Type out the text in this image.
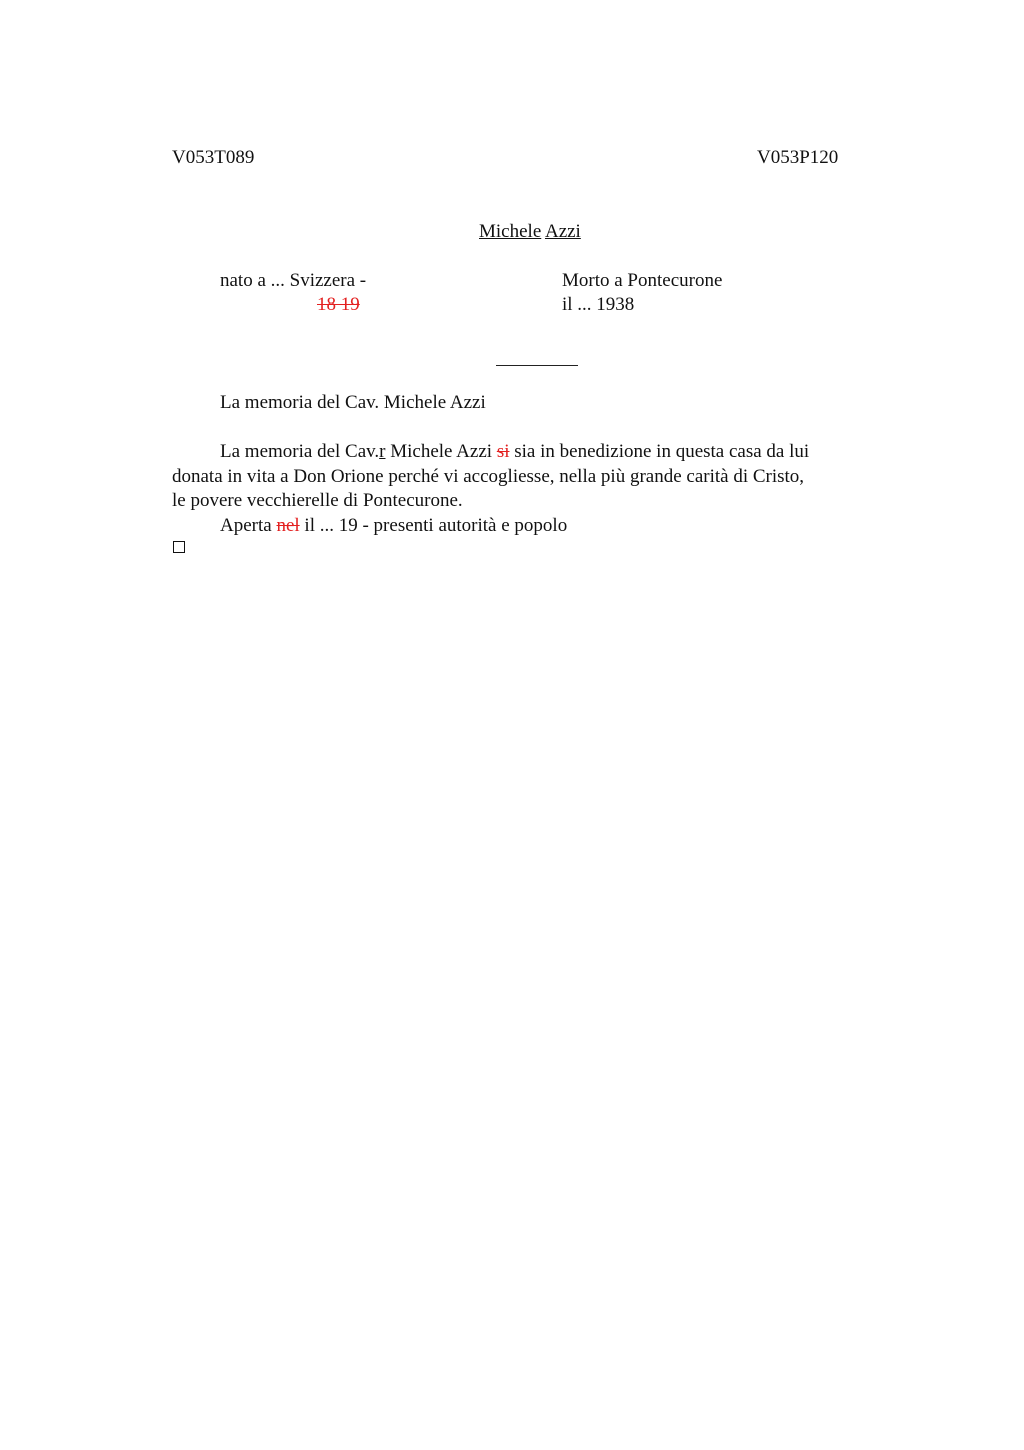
V053T089	V053P120
Michele Azzi
nato a ... Svizzera -
18 19
Morto a Pontecurone
il ... 1938
La memoria del Cav. Michele Azzi
La memoria del Cav.r Michele Azzi si sia in benedizione in questa casa da lui
donata in vita a Don Orione perché vi accogliesse, nella più grande carità di Cristo,
le povere vecchierelle di Pontecurone.
Aperta nel il ... 19 - presenti autorità e popolo
